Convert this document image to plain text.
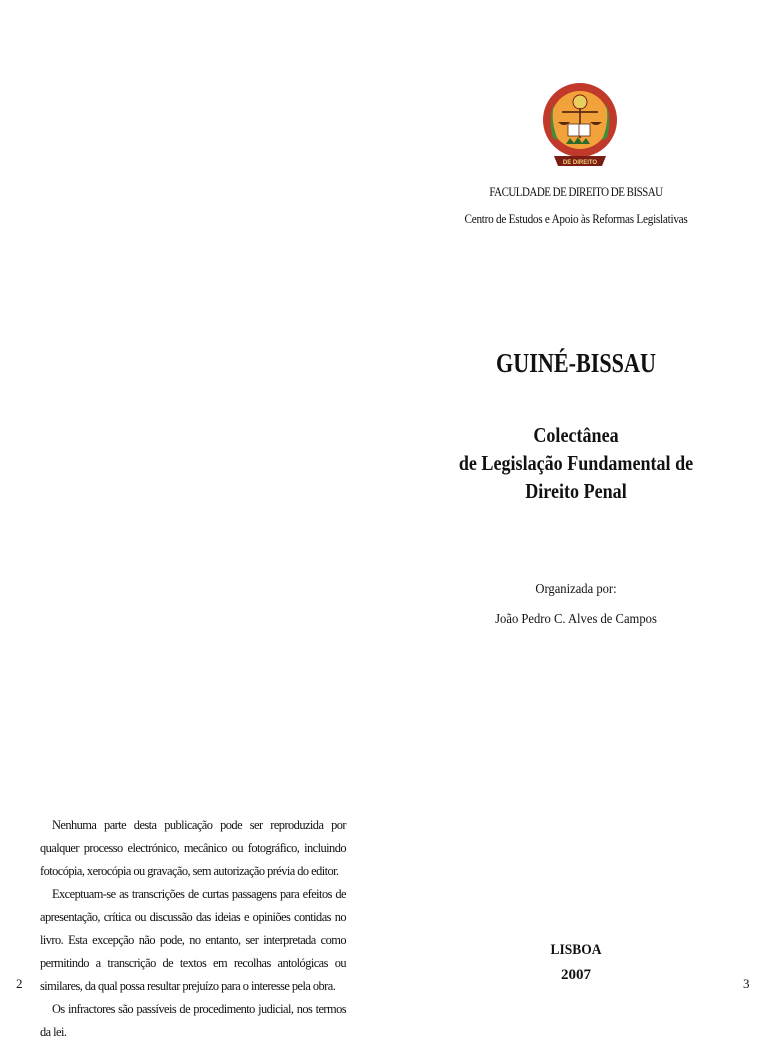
Nenhuma parte desta publicação pode ser reproduzida por qualquer processo electrónico, mecânico ou fotográfico, incluindo fotocópia, xerocópia ou gravação, sem autorização prévia do editor.

Exceptuam-se as transcrições de curtas passagens para efeitos de apresentação, crítica ou discussão das ideias e opiniões contidas no livro. Esta excepção não pode, no entanto, ser interpretada como permitindo a transcrição de textos em recolhas antológicas ou similares, da qual possa resultar prejuízo para o interesse pela obra.

Os infractores são passíveis de procedimento judicial, nos termos da lei.

2
DE DIREITO
FACULDADE DE DIREITO DE BISSAU
Centro de Estudos e Apoio às Reformas Legislativas
GUINÉ-BISSAU
Colectânea
de Legislação Fundamental de
Direito Penal
Organizada por:
João Pedro C. Alves de Campos
LISBOA
2007
3
